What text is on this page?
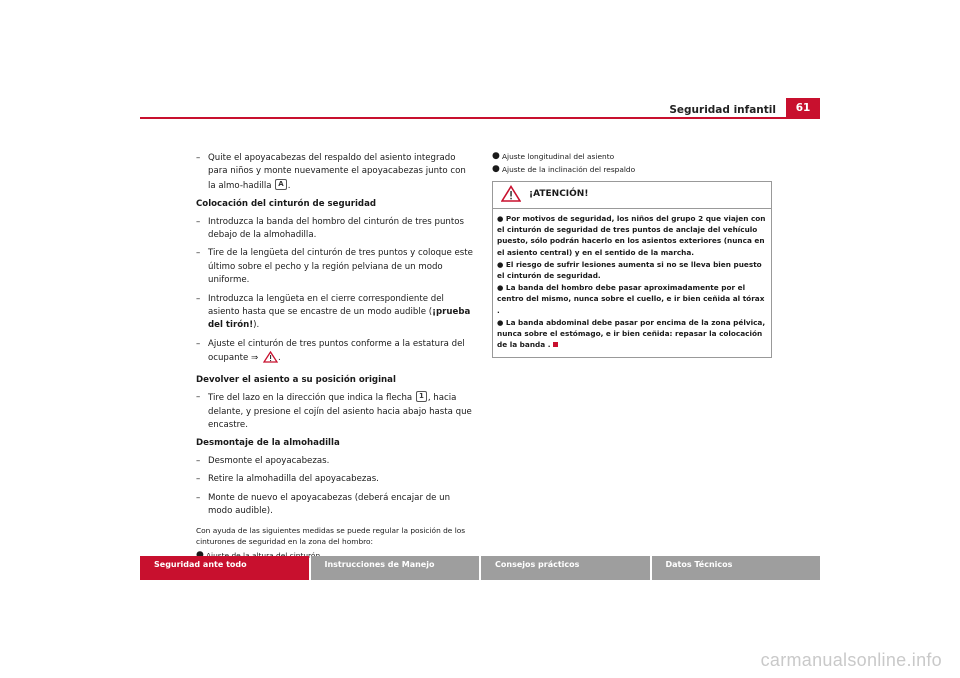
Seguridad infantil	61
– Quite el apoyacabezas del respaldo del asiento integrado para niños y monte nuevamente el apoyacabezas junto con la almo-hadilla A .
Colocación del cinturón de seguridad
– Introduzca la banda del hombro del cinturón de tres puntos debajo de la almohadilla.
– Tire de la lengüeta del cinturón de tres puntos y coloque este último sobre el pecho y la región pelviana de un modo uniforme.
– Introduzca la lengüeta en el cierre correspondiente del asiento hasta que se encastre de un modo audible (¡prueba del tirón!).
– Ajuste el cinturón de tres puntos conforme a la estatura del ocupante ⇒ .
Devolver el asiento a su posición original
– Tire del lazo en la dirección que indica la flecha 1 , hacia delante, y presione el cojín del asiento hacia abajo hasta que encastre.
Desmontaje de la almohadilla
– Desmonte el apoyacabezas.
– Retire la almohadilla del apoyacabezas.
– Monte de nuevo el apoyacabezas (deberá encajar de un modo audible).
Con ayuda de las siguientes medidas se puede regular la posición de los cinturones de seguridad en la zona del hombro:
● Ajuste longitudinal del asiento
● Ajuste de la inclinación del respaldo
¡ATENCIÓN!
● Por motivos de seguridad, los niños del grupo 2 que viajen con el cinturón de seguridad de tres puntos de anclaje del vehículo puesto, sólo podrán hacerlo en los asientos exteriores (nunca en el asiento central) y en el sentido de la marcha.
● El riesgo de sufrir lesiones aumenta si no se lleva bien puesto el cinturón de seguridad.
● La banda del hombro debe pasar aproximadamente por el centro del mismo, nunca sobre el cuello, e ir bien ceñida al tórax .
● La banda abdominal debe pasar por encima de la zona pélvica, nunca sobre el estómago, e ir bien ceñida: repasar la colocación de la banda .
Seguridad ante todo	Instrucciones de Manejo	Consejos prácticos	Datos Técnicos
carmanualsonline.info
